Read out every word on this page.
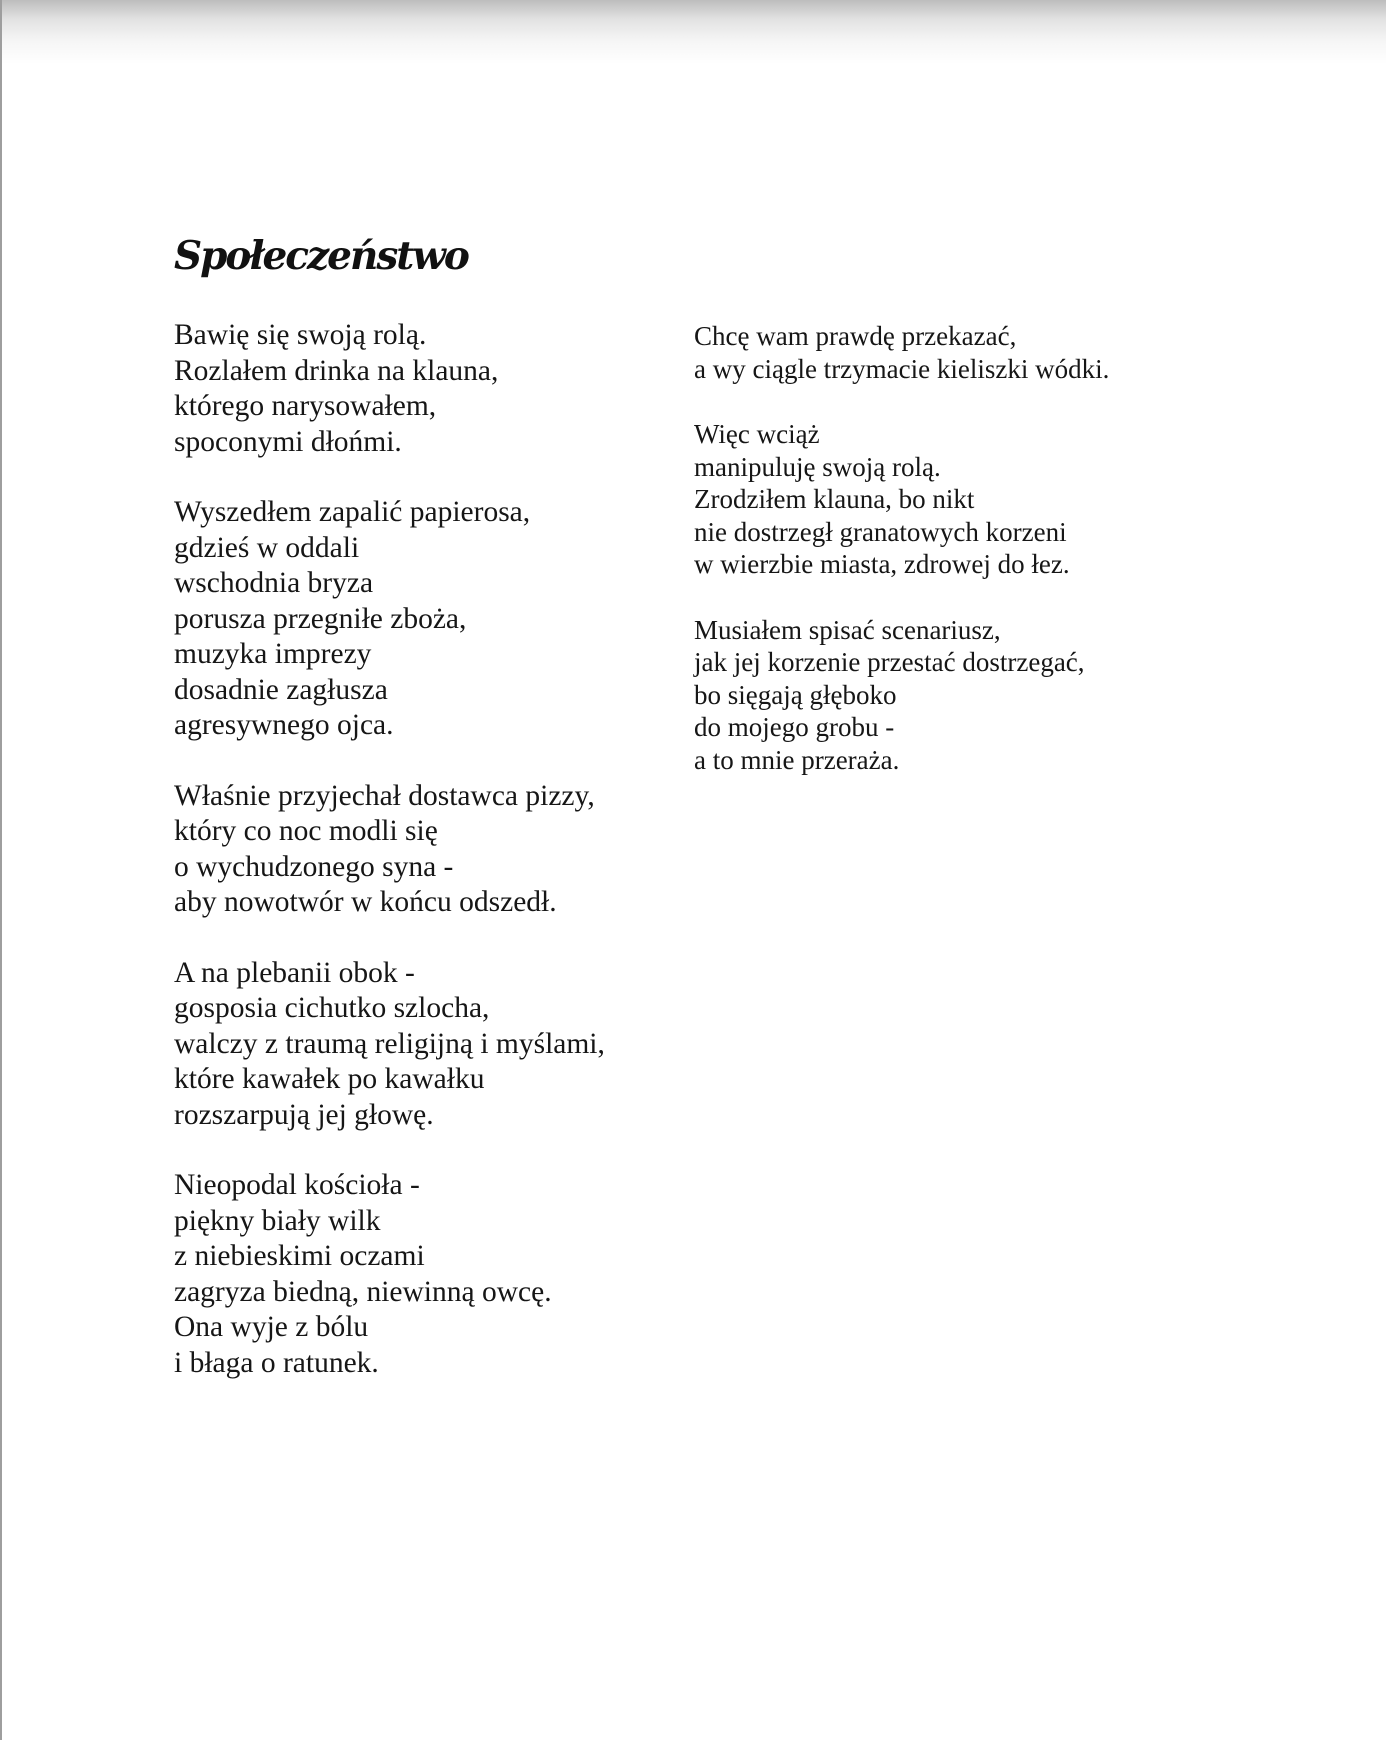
Społeczeństwo
Bawię się swoją rolą.
Rozlałem drinka na klauna,
którego narysowałem,
spoconymi dłońmi.
Wyszedłem zapalić papierosa,
gdzieś w oddali
wschodnia bryza
porusza przegniłe zboża,
muzyka imprezy
dosadnie zagłusza
agresywnego ojca.
Właśnie przyjechał dostawca pizzy,
który co noc modli się
o wychudzonego syna -
aby nowotwór w końcu odszedł.
A na plebanii obok -
gosposia cichutko szlocha,
walczy z traumą religijną i myślami,
które kawałek po kawałku
rozszarpują jej głowę.
Nieopodal kościoła -
piękny biały wilk
z niebieskimi oczami
zagryza biedną, niewinną owcę.
Ona wyje z bólu
i błaga o ratunek.
Chcę wam prawdę przekazać,
a wy ciągle trzymacie kieliszki wódki.
Więc wciąż
manipuluję swoją rolą.
Zrodziłem klauna, bo nikt
nie dostrzegł granatowych korzeni
w wierzbie miasta, zdrowej do łez.
Musiałem spisać scenariusz,
jak jej korzenie przestać dostrzegać,
bo sięgają głęboko
do mojego grobu -
a to mnie przeraża.
